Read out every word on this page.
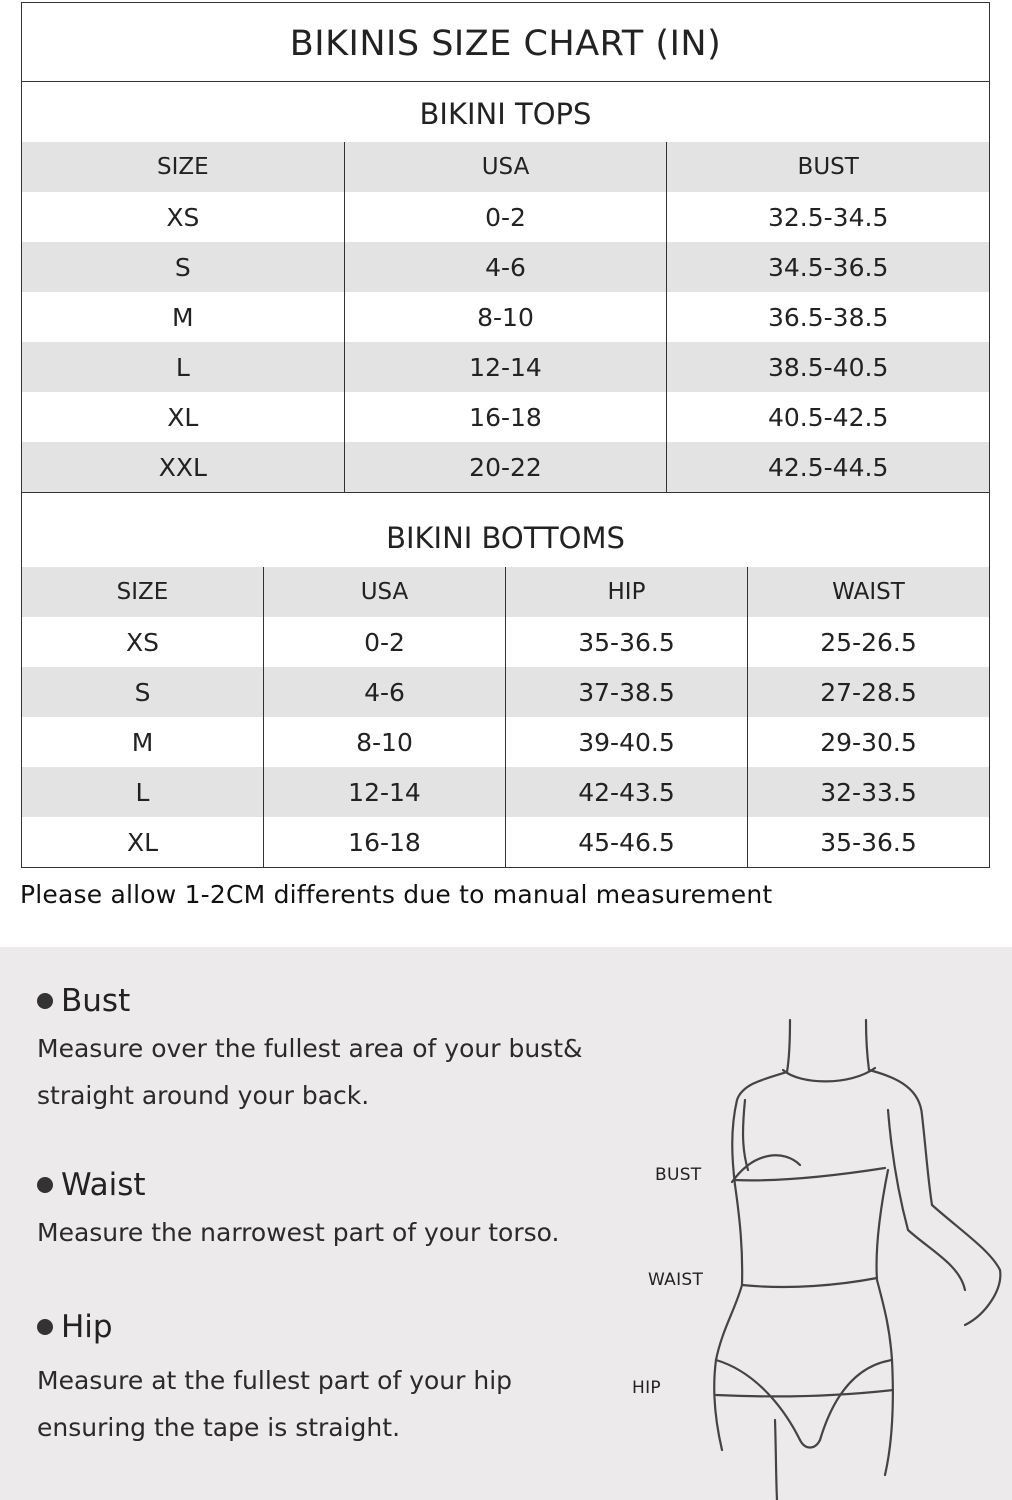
BIKINIS SIZE CHART (IN)
BIKINI TOPS
SIZE	USA	BUST
XS	0-2	32.5-34.5
S	4-6	34.5-36.5
M	8-10	36.5-38.5
L	12-14	38.5-40.5
XL	16-18	40.5-42.5
XXL	20-22	42.5-44.5
BIKINI BOTTOMS
SIZE	USA	HIP	WAIST
XS	0-2	35-36.5	25-26.5
S	4-6	37-38.5	27-28.5
M	8-10	39-40.5	29-30.5
L	12-14	42-43.5	32-33.5
XL	16-18	45-46.5	35-36.5
Please allow 1-2CM differents due to manual measurement
Bust
Measure over the fullest area of your bust&
straight around your back.
Waist
Measure the narrowest part of your torso.
Hip
Measure at the fullest part of your hip
ensuring the tape is straight.
BUST
WAIST
HIP
